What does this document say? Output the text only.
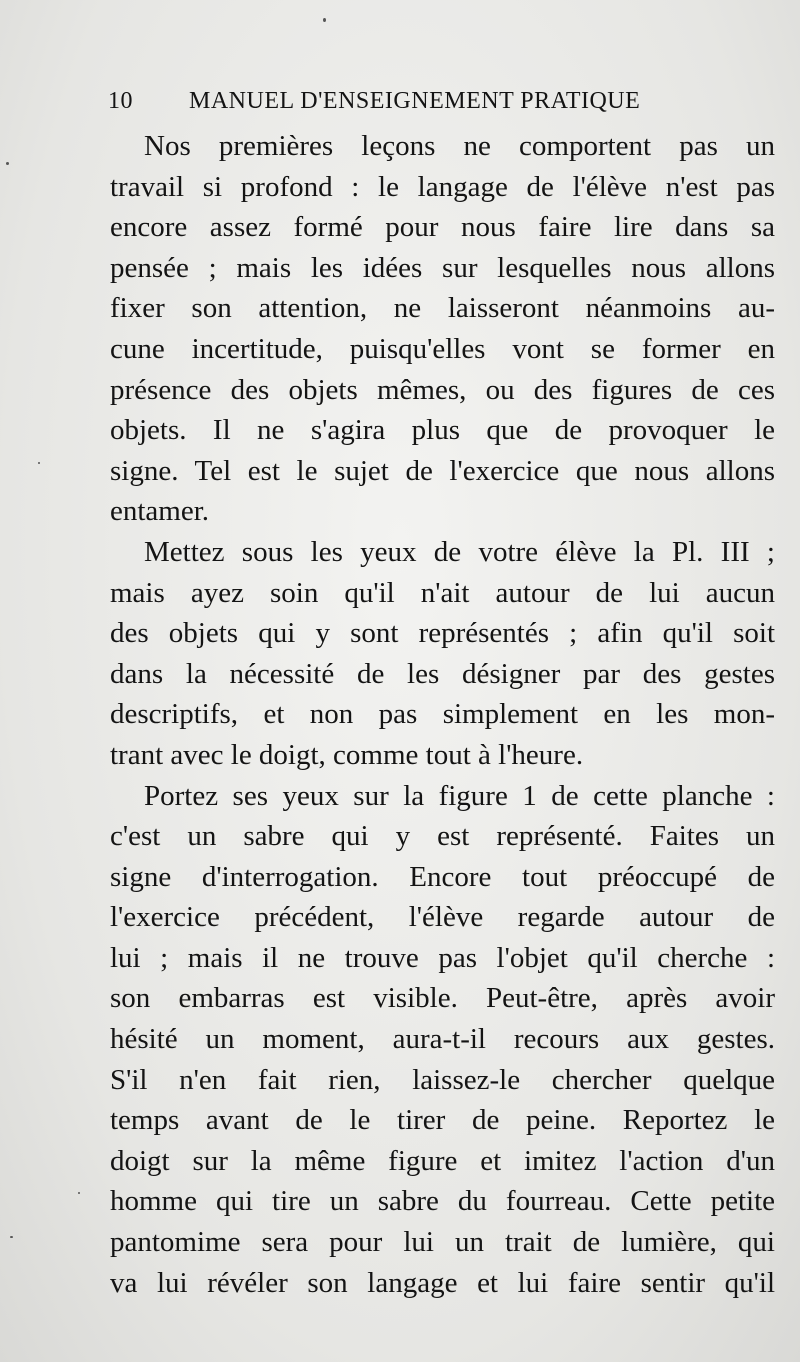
10 MANUEL D'ENSEIGNEMENT PRATIQUE
Nos premières leçons ne comportent pas un
travail si profond : le langage de l'élève n'est pas
encore assez formé pour nous faire lire dans sa
pensée ; mais les idées sur lesquelles nous allons
fixer son attention, ne laisseront néanmoins au-
cune incertitude, puisqu'elles vont se former en
présence des objets mêmes, ou des figures de ces
objets. Il ne s'agira plus que de provoquer le
signe. Tel est le sujet de l'exercice que nous allons
entamer.
Mettez sous les yeux de votre élève la Pl. III ;
mais ayez soin qu'il n'ait autour de lui aucun
des objets qui y sont représentés ; afin qu'il soit
dans la nécessité de les désigner par des gestes
descriptifs, et non pas simplement en les mon-
trant avec le doigt, comme tout à l'heure.
Portez ses yeux sur la figure 1 de cette planche :
c'est un sabre qui y est représenté. Faites un
signe d'interrogation. Encore tout préoccupé de
l'exercice précédent, l'élève regarde autour de
lui ; mais il ne trouve pas l'objet qu'il cherche :
son embarras est visible. Peut-être, après avoir
hésité un moment, aura-t-il recours aux gestes.
S'il n'en fait rien, laissez-le chercher quelque
temps avant de le tirer de peine. Reportez le
doigt sur la même figure et imitez l'action d'un
homme qui tire un sabre du fourreau. Cette petite
pantomime sera pour lui un trait de lumière, qui
va lui révéler son langage et lui faire sentir qu'il
